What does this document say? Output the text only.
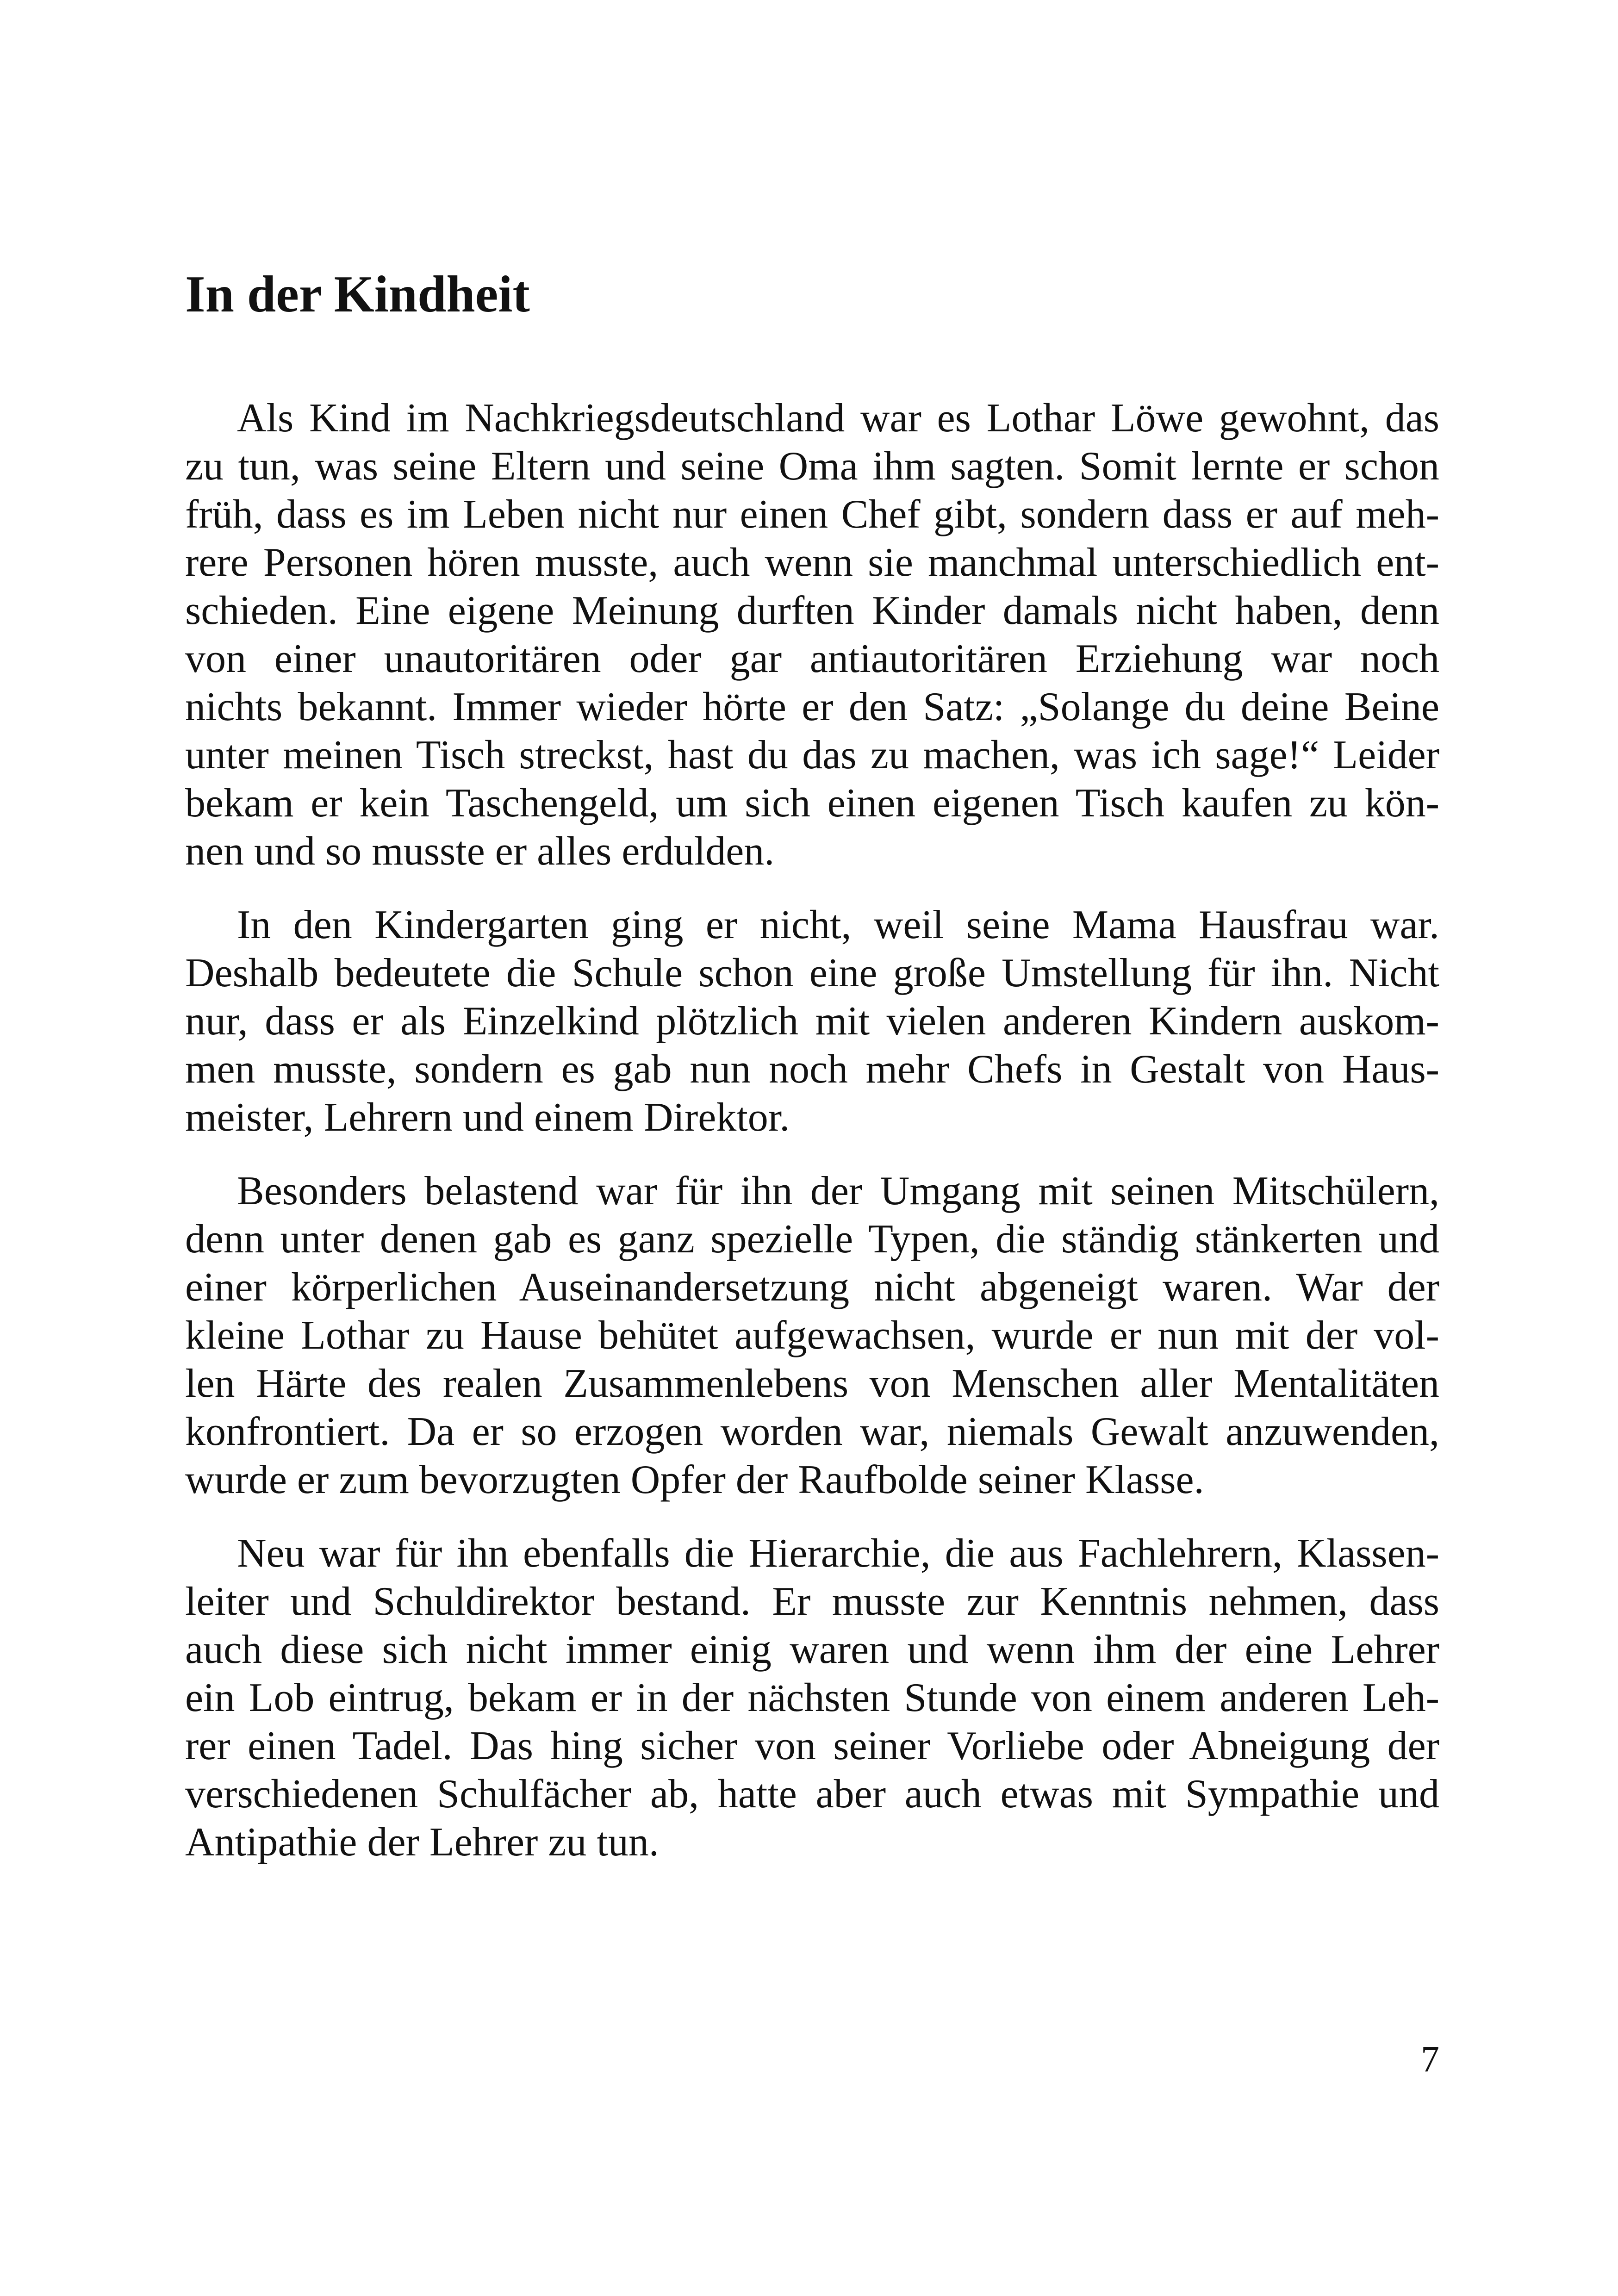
In der Kindheit
Als Kind im Nachkriegsdeutschland war es Lothar Löwe gewohnt, das
zu tun, was seine Eltern und seine Oma ihm sagten. Somit lernte er schon
früh, dass es im Leben nicht nur einen Chef gibt, sondern dass er auf meh-
rere Personen hören musste, auch wenn sie manchmal unterschiedlich ent-
schieden. Eine eigene Meinung durften Kinder damals nicht haben, denn
von einer unautoritären oder gar antiautoritären Erziehung war noch
nichts bekannt. Immer wieder hörte er den Satz: „Solange du deine Beine
unter meinen Tisch streckst, hast du das zu machen, was ich sage!“ Leider
bekam er kein Taschengeld, um sich einen eigenen Tisch kaufen zu kön-
nen und so musste er alles erdulden.
In den Kindergarten ging er nicht, weil seine Mama Hausfrau war.
Deshalb bedeutete die Schule schon eine große Umstellung für ihn. Nicht
nur, dass er als Einzelkind plötzlich mit vielen anderen Kindern auskom-
men musste, sondern es gab nun noch mehr Chefs in Gestalt von Haus-
meister, Lehrern und einem Direktor.
Besonders belastend war für ihn der Umgang mit seinen Mitschülern,
denn unter denen gab es ganz spezielle Typen, die ständig stänkerten und
einer körperlichen Auseinandersetzung nicht abgeneigt waren. War der
kleine Lothar zu Hause behütet aufgewachsen, wurde er nun mit der vol-
len Härte des realen Zusammenlebens von Menschen aller Mentalitäten
konfrontiert. Da er so erzogen worden war, niemals Gewalt anzuwenden,
wurde er zum bevorzugten Opfer der Raufbolde seiner Klasse.
Neu war für ihn ebenfalls die Hierarchie, die aus Fachlehrern, Klassen-
leiter und Schuldirektor bestand. Er musste zur Kenntnis nehmen, dass
auch diese sich nicht immer einig waren und wenn ihm der eine Lehrer
ein Lob eintrug, bekam er in der nächsten Stunde von einem anderen Leh-
rer einen Tadel. Das hing sicher von seiner Vorliebe oder Abneigung der
verschiedenen Schulfächer ab, hatte aber auch etwas mit Sympathie und
Antipathie der Lehrer zu tun.
7
